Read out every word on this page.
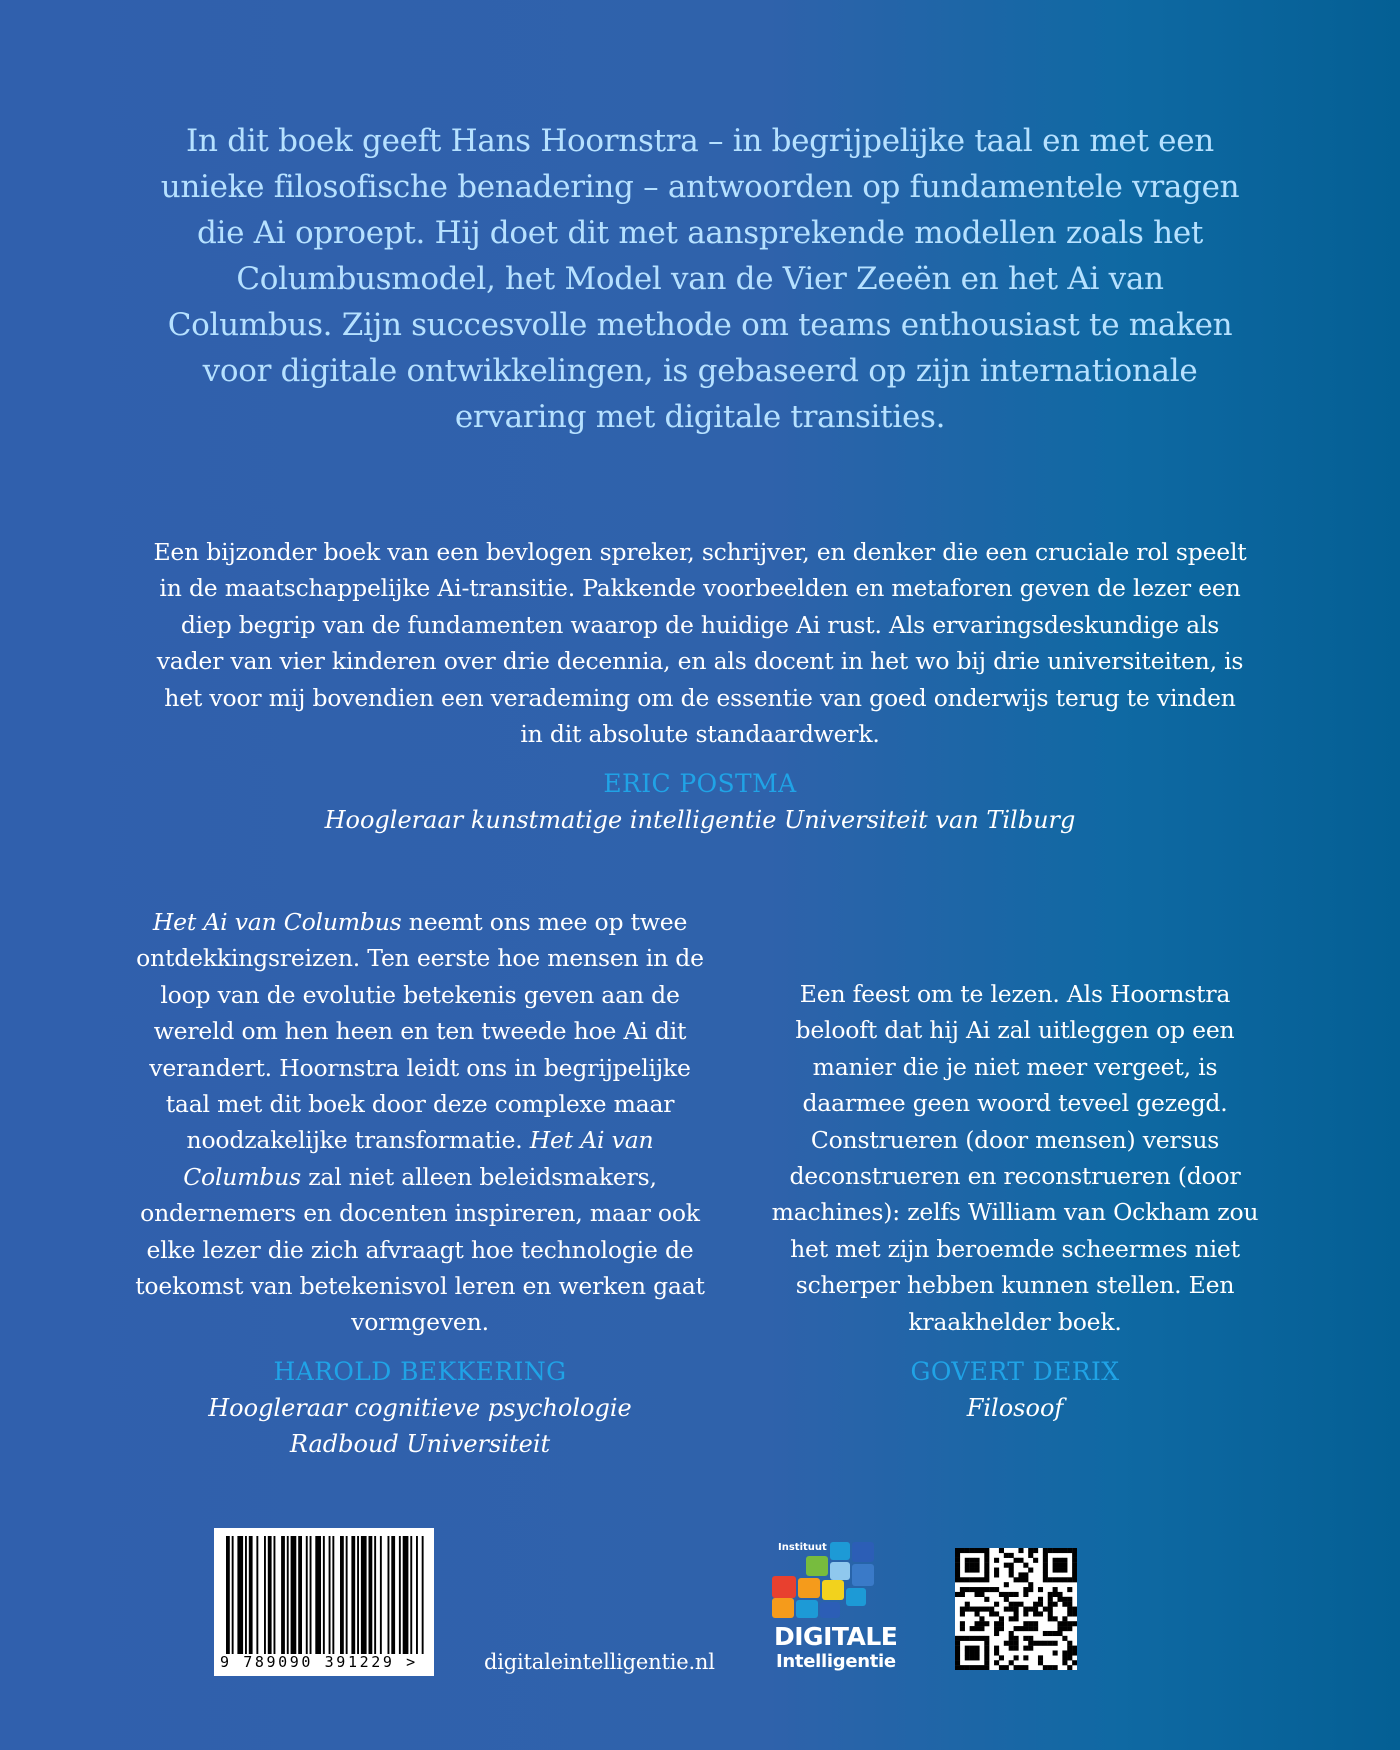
In dit boek geeft Hans Hoornstra – in begrijpelijke taal en met een unieke filosofische benadering – antwoorden op fundamentele vragen die Ai oproept. Hij doet dit met aansprekende modellen zoals het Columbusmodel, het Model van de Vier Zeeën en het Ai van Columbus. Zijn succesvolle methode om teams enthousiast te maken voor digitale ontwikkelingen, is gebaseerd op zijn internationale ervaring met digitale transities.
Een bijzonder boek van een bevlogen spreker, schrijver, en denker die een cruciale rol speelt in de maatschappelijke Ai-transitie. Pakkende voorbeelden en metaforen geven de lezer een diep begrip van de fundamenten waarop de huidige Ai rust. Als ervaringsdeskundige als vader van vier kinderen over drie decennia, en als docent in het wo bij drie universiteiten, is het voor mij bovendien een verademing om de essentie van goed onderwijs terug te vinden in dit absolute standaardwerk.
ERIC POSTMA
Hoogleraar kunstmatige intelligentie Universiteit van Tilburg
Het Ai van Columbus neemt ons mee op twee ontdekkingsreizen. Ten eerste hoe mensen in de loop van de evolutie betekenis geven aan de wereld om hen heen en ten tweede hoe Ai dit verandert. Hoornstra leidt ons in begrijpelijke taal met dit boek door deze complexe maar noodzakelijke transformatie. Het Ai van Columbus zal niet alleen beleidsmakers, ondernemers en docenten inspireren, maar ook elke lezer die zich afvraagt hoe technologie de toekomst van betekenisvol leren en werken gaat vormgeven.
HAROLD BEKKERING
Hoogleraar cognitieve psychologie
Radboud Universiteit
Een feest om te lezen. Als Hoornstra belooft dat hij Ai zal uitleggen op een manier die je niet meer vergeet, is daarmee geen woord teveel gezegd. Construeren (door mensen) versus deconstrueren en reconstrueren (door machines): zelfs William van Ockham zou het met zijn beroemde scheermes niet scherper hebben kunnen stellen. Een kraakhelder boek.
GOVERT DERIX
Filosoof
9 789090 391229 >	digitaleintelligentie.nl
Instituut
DIGITALE
Intelligentie
